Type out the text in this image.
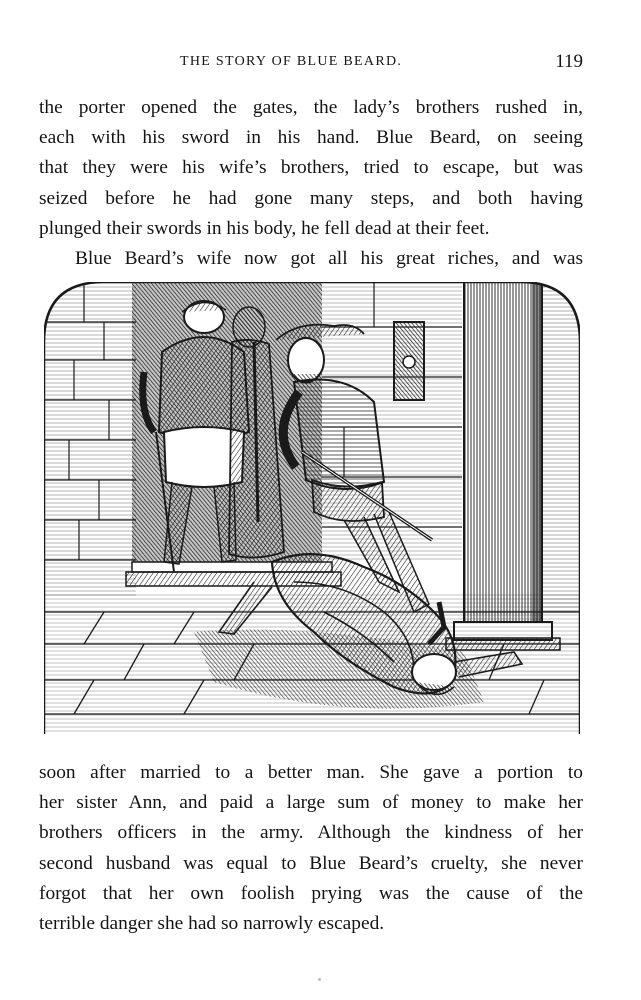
THE STORY OF BLUE BEARD.	119
the porter opened the gates, the lady’s brothers rushed in,
each with his sword in his hand. Blue Beard, on seeing
that they were his wife’s brothers, tried to escape, but was
seized before he had gone many steps, and both having
plunged their swords in his body, he fell dead at their feet.
Blue Beard’s wife now got all his great riches, and was
soon after married to a better man. She gave a portion to
her sister Ann, and paid a large sum of money to make her
brothers officers in the army. Although the kindness of her
second husband was equal to Blue Beard’s cruelty, she never
forgot that her own foolish prying was the cause of the
terrible danger she had so narrowly escaped.
